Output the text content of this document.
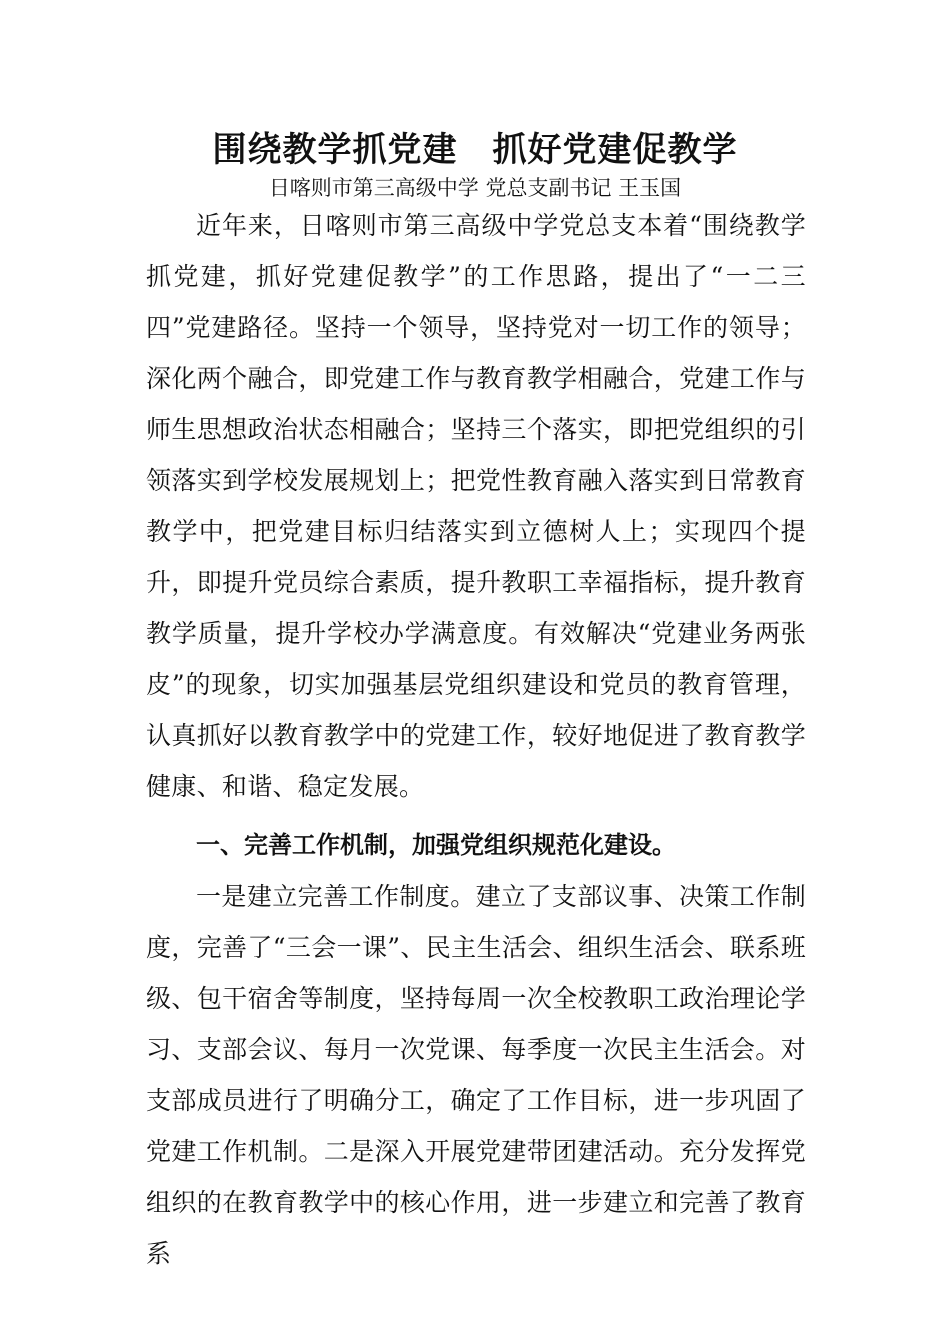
围绕教学抓党建　抓好党建促教学

日喀则市第三高级中学 党总支副书记 王玉国

近年来，日喀则市第三高级中学党总支本着“围绕教学抓党建，抓好党建促教学”的工作思路，提出了“一二三四”党建路径。坚持一个领导，坚持党对一切工作的领导；深化两个融合，即党建工作与教育教学相融合，党建工作与师生思想政治状态相融合；坚持三个落实，即把党组织的引领落实到学校发展规划上；把党性教育融入落实到日常教育教学中，把党建目标归结落实到立德树人上；实现四个提升，即提升党员综合素质，提升教职工幸福指标，提升教育教学质量，提升学校办学满意度。有效解决“党建业务两张皮”的现象，切实加强基层党组织建设和党员的教育管理，认真抓好以教育教学中的党建工作，较好地促进了教育教学健康、和谐、稳定发展。

一、完善工作机制，加强党组织规范化建设。

一是建立完善工作制度。建立了支部议事、决策工作制度，完善了“三会一课”、民主生活会、组织生活会、联系班级、包干宿舍等制度，坚持每周一次全校教职工政治理论学习、支部会议、每月一次党课、每季度一次民主生活会。对支部成员进行了明确分工，确定了工作目标，进一步巩固了党建工作机制。二是深入开展党建带团建活动。充分发挥党组织的在教育教学中的核心作用，进一步建立和完善了教育系
